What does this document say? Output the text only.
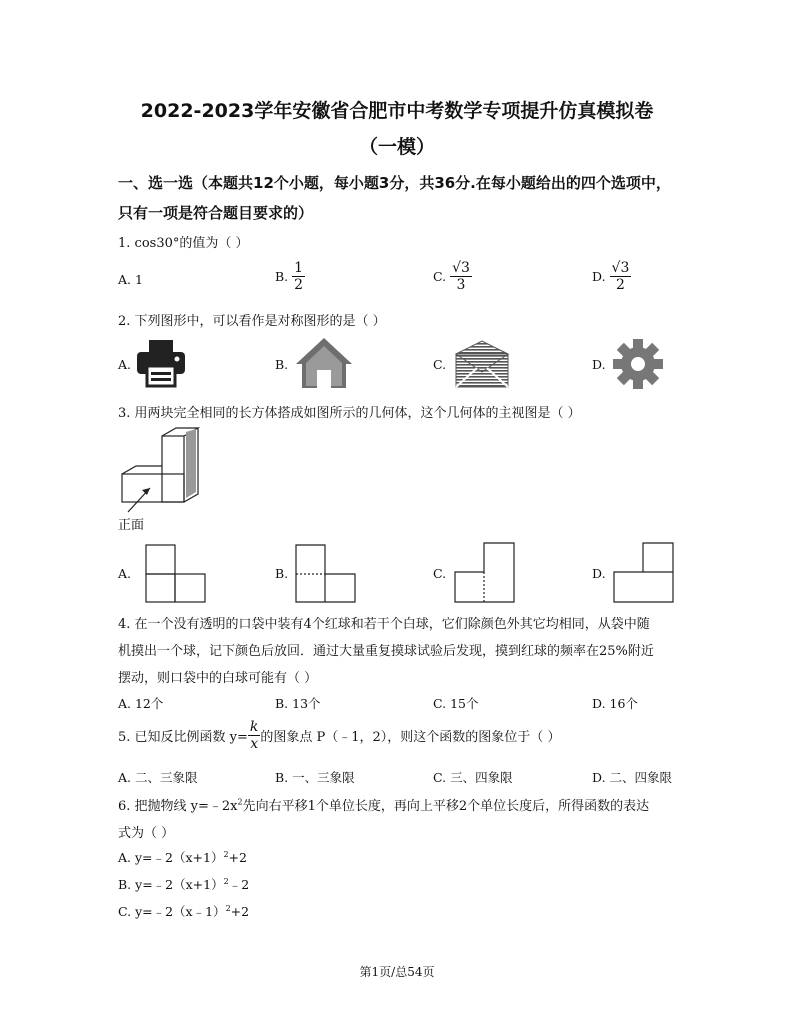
2022-2023学年安徽省合肥市中考数学专项提升仿真模拟卷
（一模）
一、选一选（本题共12个小题，每小题3分，共36分.在每小题给出的四个选项中，
只有一项是符合题目要求的）
1. cos30°的值为（ ）
A. 1	B. $\frac{1}{2}$	C. $\frac{√3}{3}$	D. $\frac{√3}{2}$
2. 下列图形中，可以看作是对称图形的是（ ）
A.	B.	C.	D.
3. 用两块完全相同的长方体搭成如图所示的几何体，这个几何体的主视图是（ ）
正面
A.	B.	C.	D.
4. 在一个没有透明的口袋中装有4个红球和若干个白球，它们除颜色外其它均相同，从袋中随
机摸出一个球，记下颜色后放回．通过大量重复摸球试验后发现，摸到红球的频率在25%附近
摆动，则口袋中的白球可能有（ ）
A. 12个	B. 13个	C. 15个	D. 16个
5. 已知反比例函数 $y= \frac{k}{x}$ 的图象点 P（﹣1，2），则这个函数的图象位于（ ）
A. 二、三象限	B. 一、三象限	C. 三、四象限	D. 二、四象限
6. 把抛物线 $y=﹣2x^2$先向右平移1个单位长度，再向上平移2个单位长度后，所得函数的表达
式为（ ）
A. $y=﹣2(x+1)^2+2$
B. $y=﹣2(x+1)^2﹣2$
C. y=﹣2（x﹣1）$^2$+2
第1页/总54页
